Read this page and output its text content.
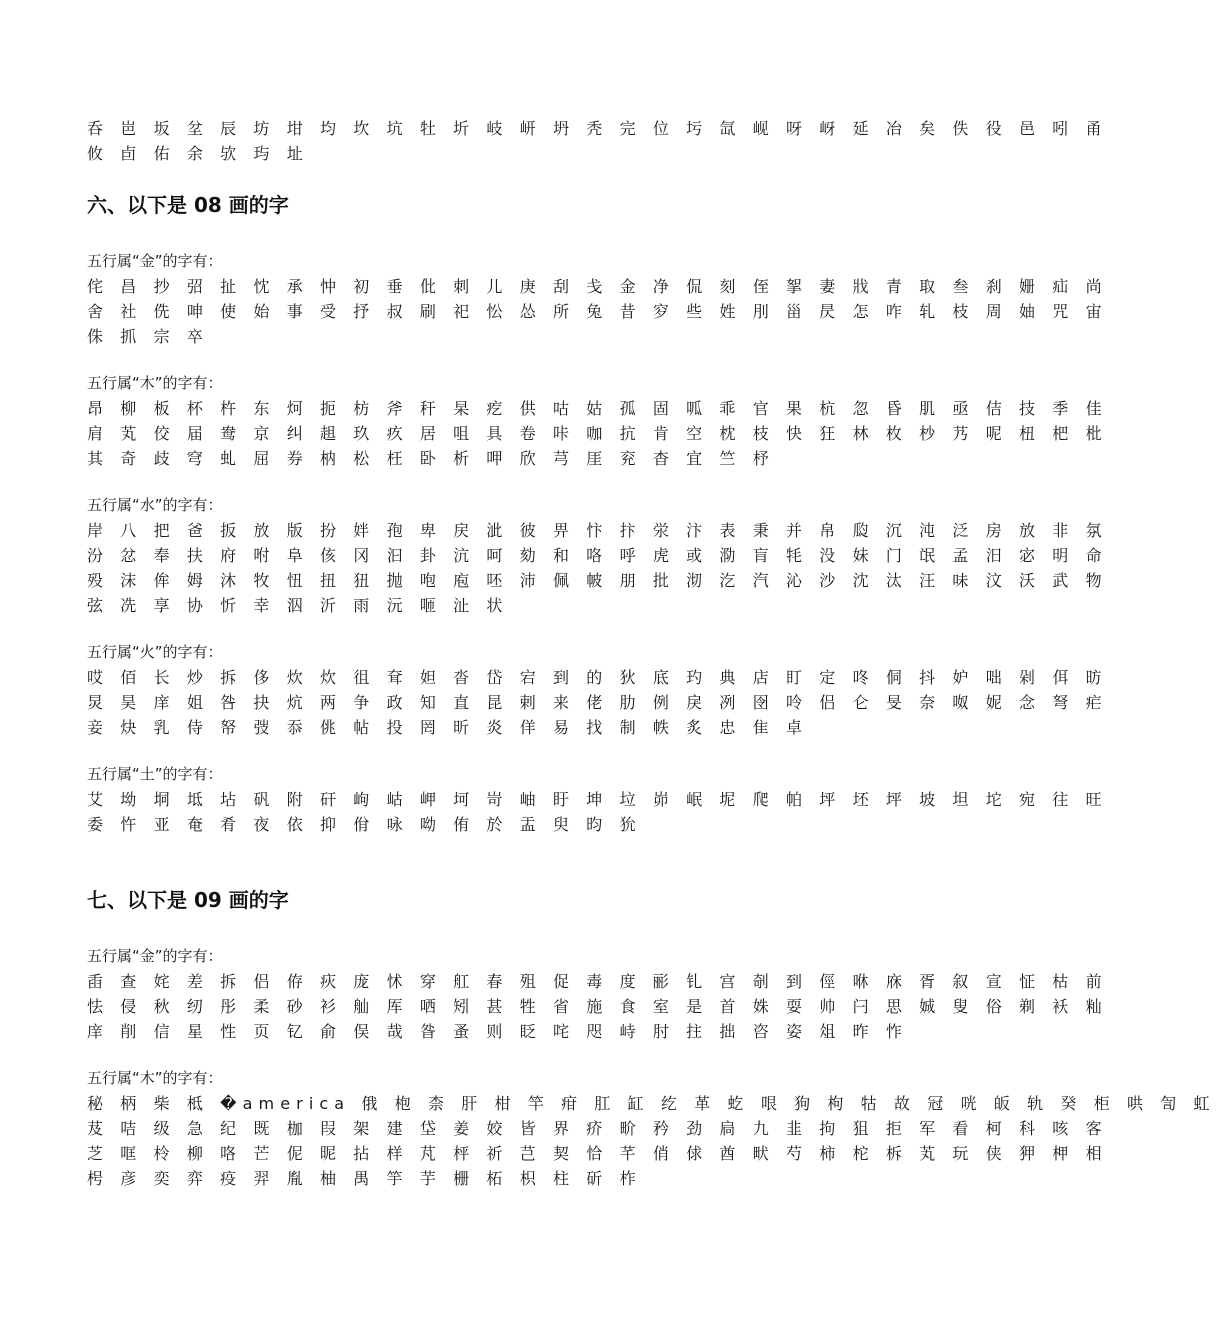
呑 岜 坂 坌 辰 坊 坩 均 坎 坑 牡 圻 岐 岍 坍 秃 完 位 圬 氙 岘 呀 岈 延 冶 矣 佚 役 邑 吲 甬

攸 卣 佑 余 欤 玙 址

六、以下是 08 画的字

五行属“金”的字有：

侘 昌 抄 弨 扯 忱 承 忡 初 垂 仳 刺 儿 庚 刮 戋 金 净 侃 刻 侄 挐 妻 戕 青 取 叁 刹 姗 疝 尚

舍 社 侁 呻 使 始 事 受 抒 叔 刷 祀 忪 怂 所 兔 昔 穸 些 姓 刖 甾 昃 怎 咋 轧 枝 周 妯 咒 宙

侏 抓 宗 卒

五行属“木”的字有：

昂 柳 板 杯 杵 东 炣 扼 枋 斧 秆 杲 疙 供 咕 姑 孤 固 呱 乖 官 果 杭 忽 昏 肌 亟 佶 技 季 佳

肩 芄 佼 届 鸯 京 纠 趄 玖 疚 居 咀 具 卷 咔 咖 抗 肯 空 枕 枝 快 狂 林 枚 杪 艿 呢 杻 杷 枇

其 奇 歧 穹 虬 屈 券 枘 松 枉 卧 析 呷 欣 芎 厓 兖 杳 宜 竺 杼

五行属“水”的字有：

岸 八 把 爸 扳 放 版 扮 姅 孢 卑 戻 泚 彼 畀 忭 抃 泶 汴 表 秉 并 帛 瓝 沉 沌 泛 房 放 非 氛

汾 忿 奉 扶 府 咐 阜 侅 冈 汩 卦 沆 呵 劾 和 咯 呼 虎 或 泐 肓 牦 没 妹 门 氓 孟 汨 宓 明 命

殁 沫 侔 姆 沐 牧 忸 扭 狃 抛 咆 庖 呸 沛 佩 帔 朋 批 沏 汔 汽 沁 沙 沈 汰 汪 味 汶 沃 武 物

弦 冼 享 协 忻 幸 泅 沂 雨 沅 咂 沚 状

五行属“火”的字有：

哎 佰 长 炒 拆 侈 炊 炊 徂 耷 妲 沓 岱 宕 到 的 狄 底 玓 典 店 盯 定 咚 侗 抖 妒 咄 剁 佴 昉

炅 昊 庠 姐 咎 抉 炕 两 争 政 知 直 昆 剌 来 佬 肋 例 戾 冽 囹 呤 侣 仑 旻 奈 呶 妮 念 弩 疟

妾 炔 乳 侍 帑 弢 忝 佻 帖 投 罔 昕 炎 佯 易 找 制 帙 炙 忠 隹 卓

五行属“土”的字有：

艾 坳 垌 坻 坫 矾 附 矸 岣 岵 岬 坷 岢 岫 盱 坤 垃 峁 岷 坭 爬 帕 坪 坯 坪 坡 坦 坨 宛 往 旺

委 忤 亚 奄 肴 夜 依 抑 佾 咏 呦 侑 於 盂 臾 昀 狁

七、以下是 09 画的字

五行属“金”的字有：

臿 查 姹 差 拆 侣 侟 疢 庞 怵 穿 舡 春 殂 促 毒 度 彨 钆 宫 剞 到 俓 咻 庥 胥 叙 宣 怔 枯 前

怯 侵 秋 纫 彤 柔 砂 衫 舢 厍 哂 矧 甚 牲 省 施 食 室 是 首 姝 耍 帅 闩 思 娍 叟 俗 剃 袄 籼

庠 削 信 星 性 页 钇 俞 俣 哉 昝 蚤 则 眨 咤 咫 峙 肘 拄 拙 咨 姿 俎 昨 怍

五行属“木”的字有：

秘 柄 柴 柢 �america 俄 枹 柰 肝 柑 竿 疳 肛 缸 纥 革 虼 哏 狗 枸 牯 故 冠 咣 皈 轨 癸 柜 哄 訇 虹

芨 咭 级 急 纪 既 枷 叚 架 建 垈 姜 姣 皆 界 疥 畍 矜 劲 扃 九 韭 拘 狙 拒 军 看 柯 科 咳 客

芝 哐 柃 柳 咯 芒 伲 昵 拈 样 芃 枰 祈 芑 契 恰 芊 俏 俅 酋 畎 芍 柿 柁 柝 芄 玩 侠 狎 柙 相

枵 彦 奕 弈 疫 羿 胤 柚 禺 竽 芋 栅 柘 枳 柱 斫 柞
